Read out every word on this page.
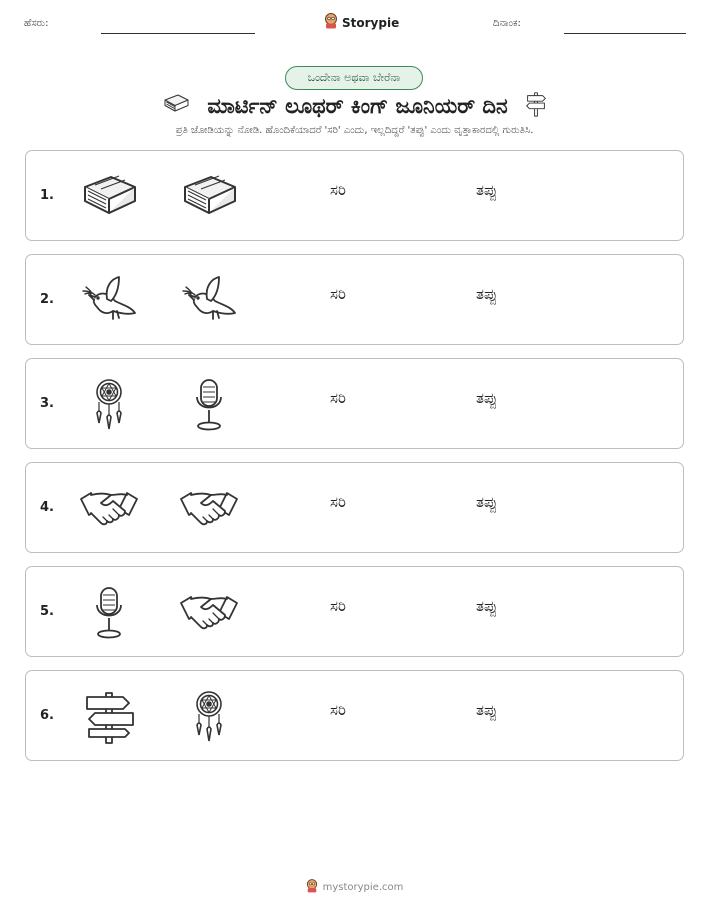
ಹೆಸರು:	Storypie	ದಿನಾಂಕ:
ಒಂದೇನಾ ಅಥವಾ ಬೇರೆನಾ
ಮಾರ್ಟಿನ್ ಲೂಥರ್ ಕಿಂಗ್ ಜೂನಿಯರ್ ದಿನ
ಪ್ರತಿ ಜೋಡಿಯನ್ನು ನೋಡಿ. ಹೊಂದಿಕೆಯಾದರೆ 'ಸರಿ' ಎಂದು, ಇಲ್ಲದಿದ್ದರೆ 'ತಪ್ಪು' ಎಂದು ವೃತ್ತಾಕಾರದಲ್ಲಿ ಗುರುತಿಸಿ.
1.	ಸರಿ	ತಪ್ಪು
2.	ಸರಿ	ತಪ್ಪು
3.	ಸರಿ	ತಪ್ಪು
4.	ಸರಿ	ತಪ್ಪು
5.	ಸರಿ	ತಪ್ಪು
6.	ಸರಿ	ತಪ್ಪು
mystorypie.com
